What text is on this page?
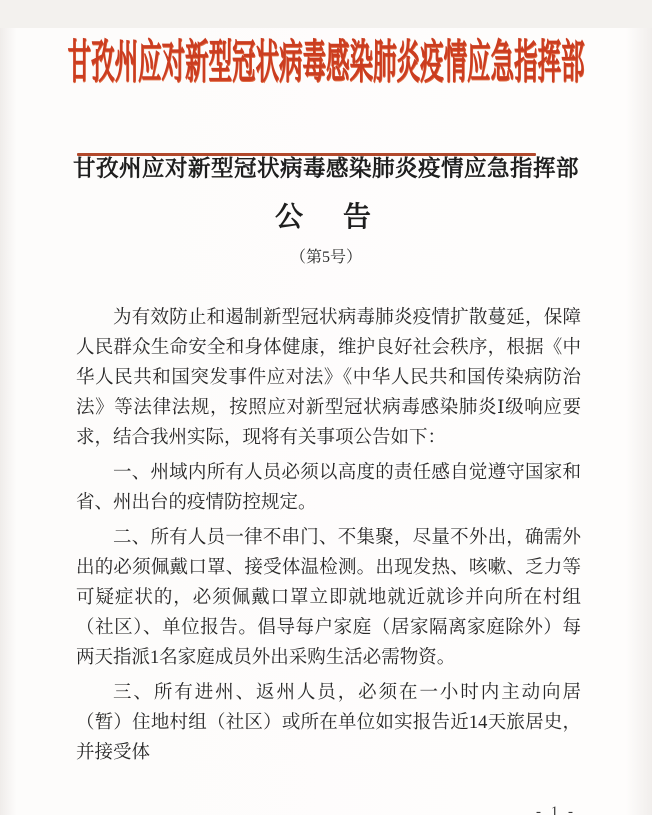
甘孜州应对新型冠状病毒感染肺炎疫情应急指挥部
甘孜州应对新型冠状病毒感染肺炎疫情应急指挥部
公　告
（第5号）

为有效防止和遏制新型冠状病毒肺炎疫情扩散蔓延，保障人民群众生命安全和身体健康，维护良好社会秩序，根据《中华人民共和国突发事件应对法》《中华人民共和国传染病防治法》等法律法规，按照应对新型冠状病毒感染肺炎Ⅰ级响应要求，结合我州实际，现将有关事项公告如下：

一、州域内所有人员必须以高度的责任感自觉遵守国家和省、州出台的疫情防控规定。

二、所有人员一律不串门、不集聚，尽量不外出，确需外出的必须佩戴口罩、接受体温检测。出现发热、咳嗽、乏力等可疑症状的，必须佩戴口罩立即就地就近就诊并向所在村组（社区）、单位报告。倡导每户家庭（居家隔离家庭除外）每两天指派1名家庭成员外出采购生活必需物资。

三、所有进州、返州人员，必须在一小时内主动向居（暂）住地村组（社区）或所在单位如实报告近14天旅居史，并接受体

- 1 -
